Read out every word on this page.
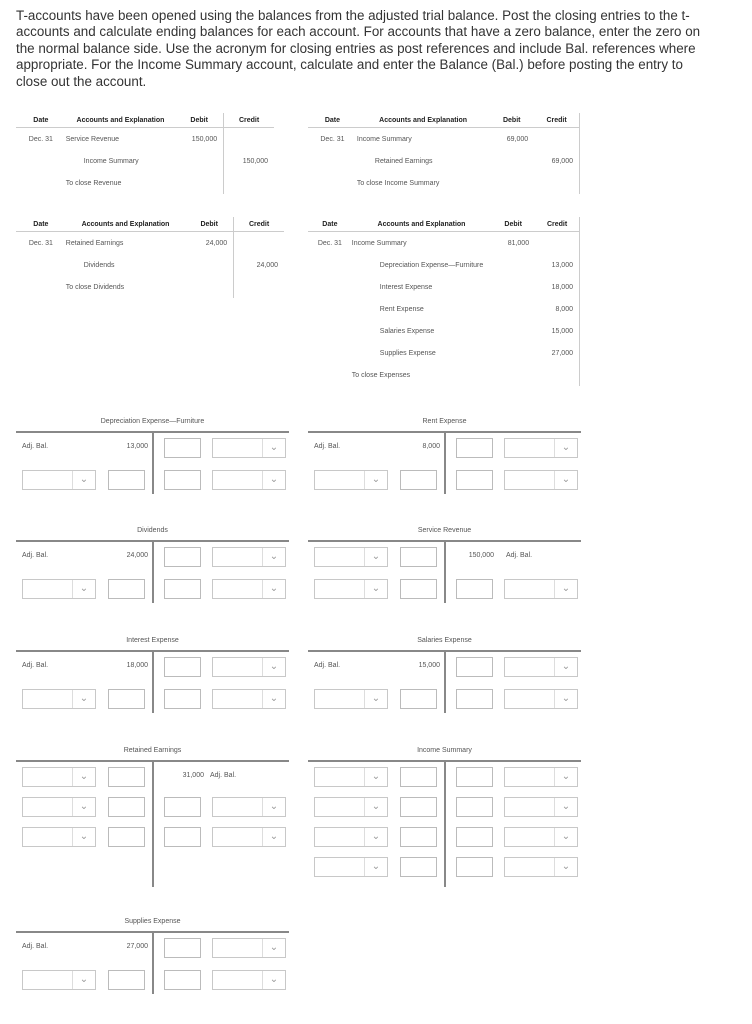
T-accounts have been opened using the balances from the adjusted trial balance. Post the closing entries to the t-accounts and calculate ending balances for each account. For accounts that have a zero balance, enter the zero on the normal balance side. Use the acronym for closing entries as post references and include Bal. references where appropriate. For the Income Summary account, calculate and enter the Balance (Bal.) before posting the entry to close out the account.
Date	Accounts and Explanation	Debit	Credit
Dec. 31	Service Revenue	150,000	
	Income Summary		150,000
	To close Revenue		
Date	Accounts and Explanation	Debit	Credit
Dec. 31	Income Summary	69,000	
	Retained Earnings		69,000
	To close Income Summary		
Date	Accounts and Explanation	Debit	Credit
Dec. 31	Retained Earnings	24,000	
	Dividends		24,000
	To close Dividends		
Date	Accounts and Explanation	Debit	Credit
Dec. 31	Income Summary	81,000	
	Depreciation Expense—Furniture		13,000
	Interest Expense		18,000
	Rent Expense		8,000
	Salaries Expense		15,000
	Supplies Expense		27,000
	To close Expenses		
Depreciation Expense—Furniture
Adj. Bal.	13,000	⌄
⌄	⌄
Rent Expense
Adj. Bal.	8,000	⌄
⌄	⌄
Dividends
Adj. Bal.	24,000	⌄
⌄	⌄
Service Revenue
⌄	150,000 Adj. Bal.
⌄	⌄
Interest Expense
Adj. Bal.	18,000	⌄
⌄	⌄
Salaries Expense
Adj. Bal.	15,000	⌄
⌄	⌄
Retained Earnings
⌄	31,000 Adj. Bal.
⌄	⌄
⌄	⌄
Income Summary
⌄	⌄
⌄	⌄
⌄	⌄
⌄	⌄
Supplies Expense
Adj. Bal.	27,000	⌄
⌄	⌄
